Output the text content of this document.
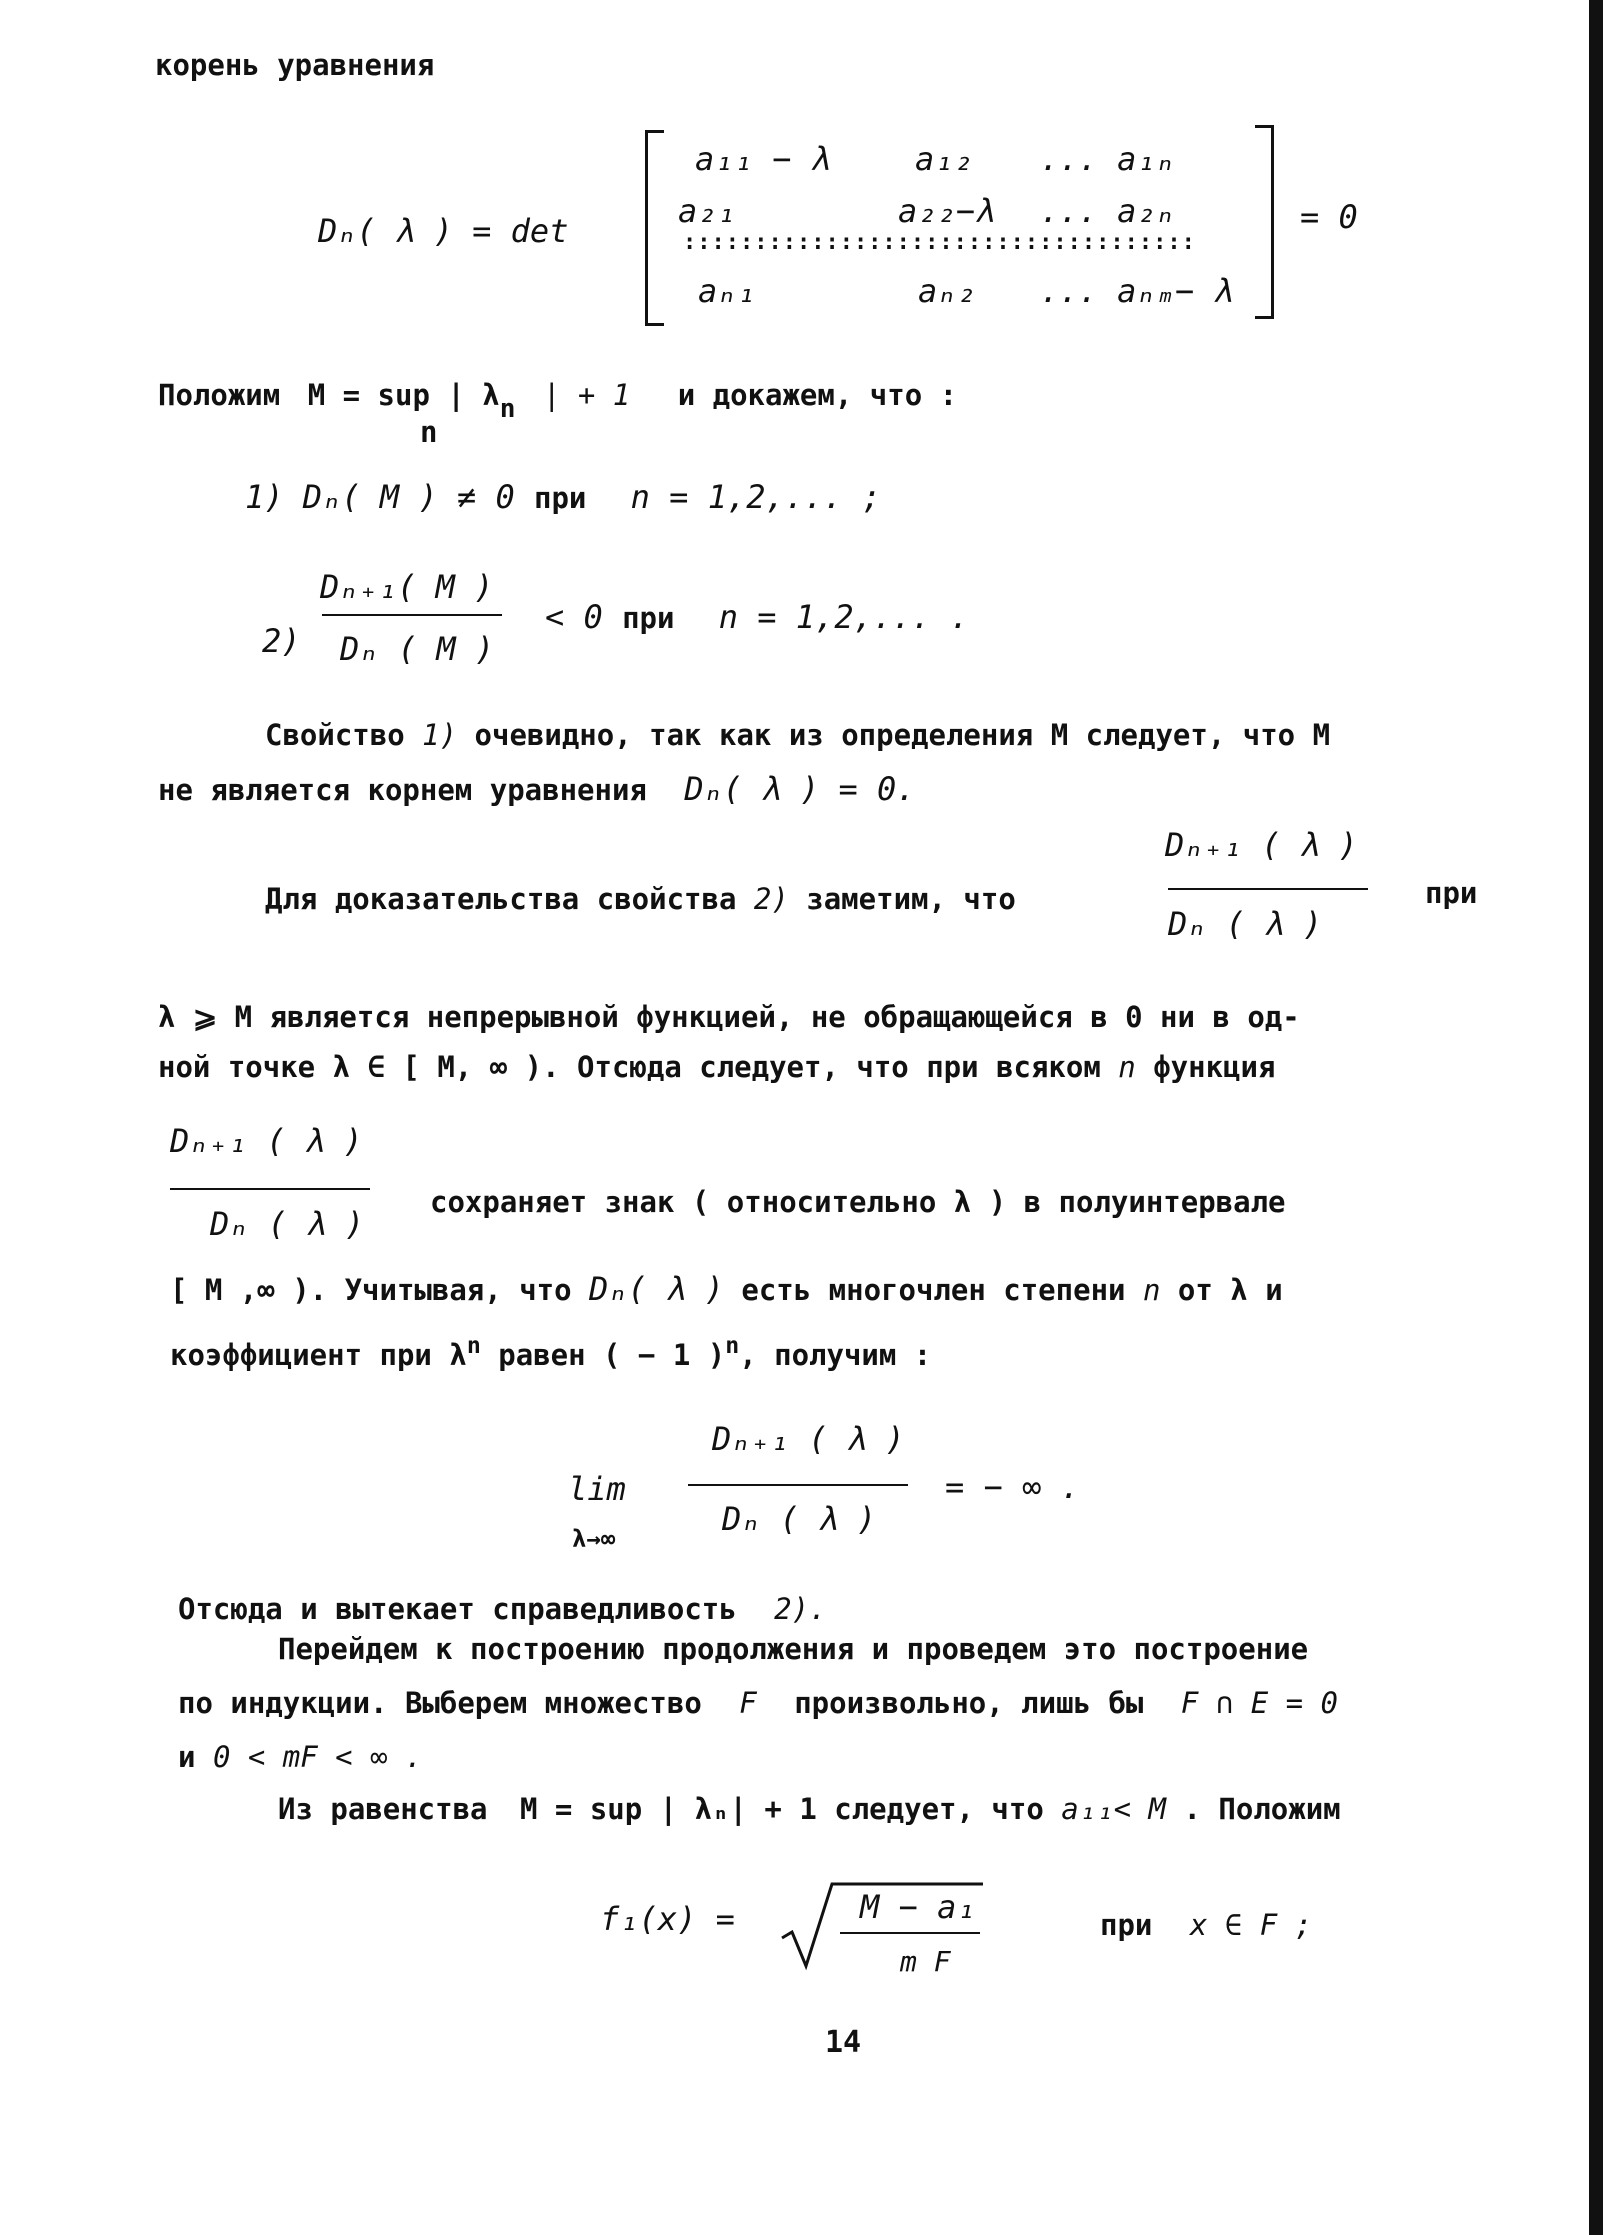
корень уравнения
Dₙ( λ ) = det
a₁₁ − λ	a₁₂ ... a₁ₙ
a₂₁	a₂₂−λ ... a₂ₙ
::::::::::::::::::::::::::::::::::::
aₙ₁	aₙ₂ ... aₙₘ− λ
= 0
Положим M = sup | λn | + 1 и докажем, что :
n
1) Dₙ( M ) ≠ 0 при n = 1,2,... ;
2)
Dₙ₊₁( M )
Dₙ ( M )
< 0 при n = 1,2,... .
Свойство 1) очевидно, так как из определения M следует, что M
не является корнем уравнения Dₙ( λ ) = 0.
Для доказательства свойства 2) заметим, что
Dₙ₊₁ ( λ )
Dₙ ( λ )
при
λ ⩾ M является непрерывной функцией, не обращающейся в 0 ни в од-
ной точке λ ∈ [ M, ∞ ). Отсюда следует, что при всяком n функция
Dₙ₊₁ ( λ )
Dₙ ( λ )
сохраняет знак ( относительно λ ) в полуинтервале
[ M ,∞ ). Учитывая, что Dₙ( λ ) есть многочлен степени n от λ и
коэффициент при $\lambda^n$ равен ( − 1 )$^n$, получим :
lim
λ→∞
Dₙ₊₁ ( λ )
Dₙ ( λ )
= − ∞ .
Отсюда и вытекает справедливость 2).
Перейдем к построению продолжения и проведем это построение
по индукции. Выберем множество F произвольно, лишь бы F ∩ E = 0
и 0 < mF < ∞ .
Из равенства M = sup | λₙ| + 1 следует, что a₁₁< M . Положим
f₁(x) =	M − a₁
m F
при x ∈ F ;
14
